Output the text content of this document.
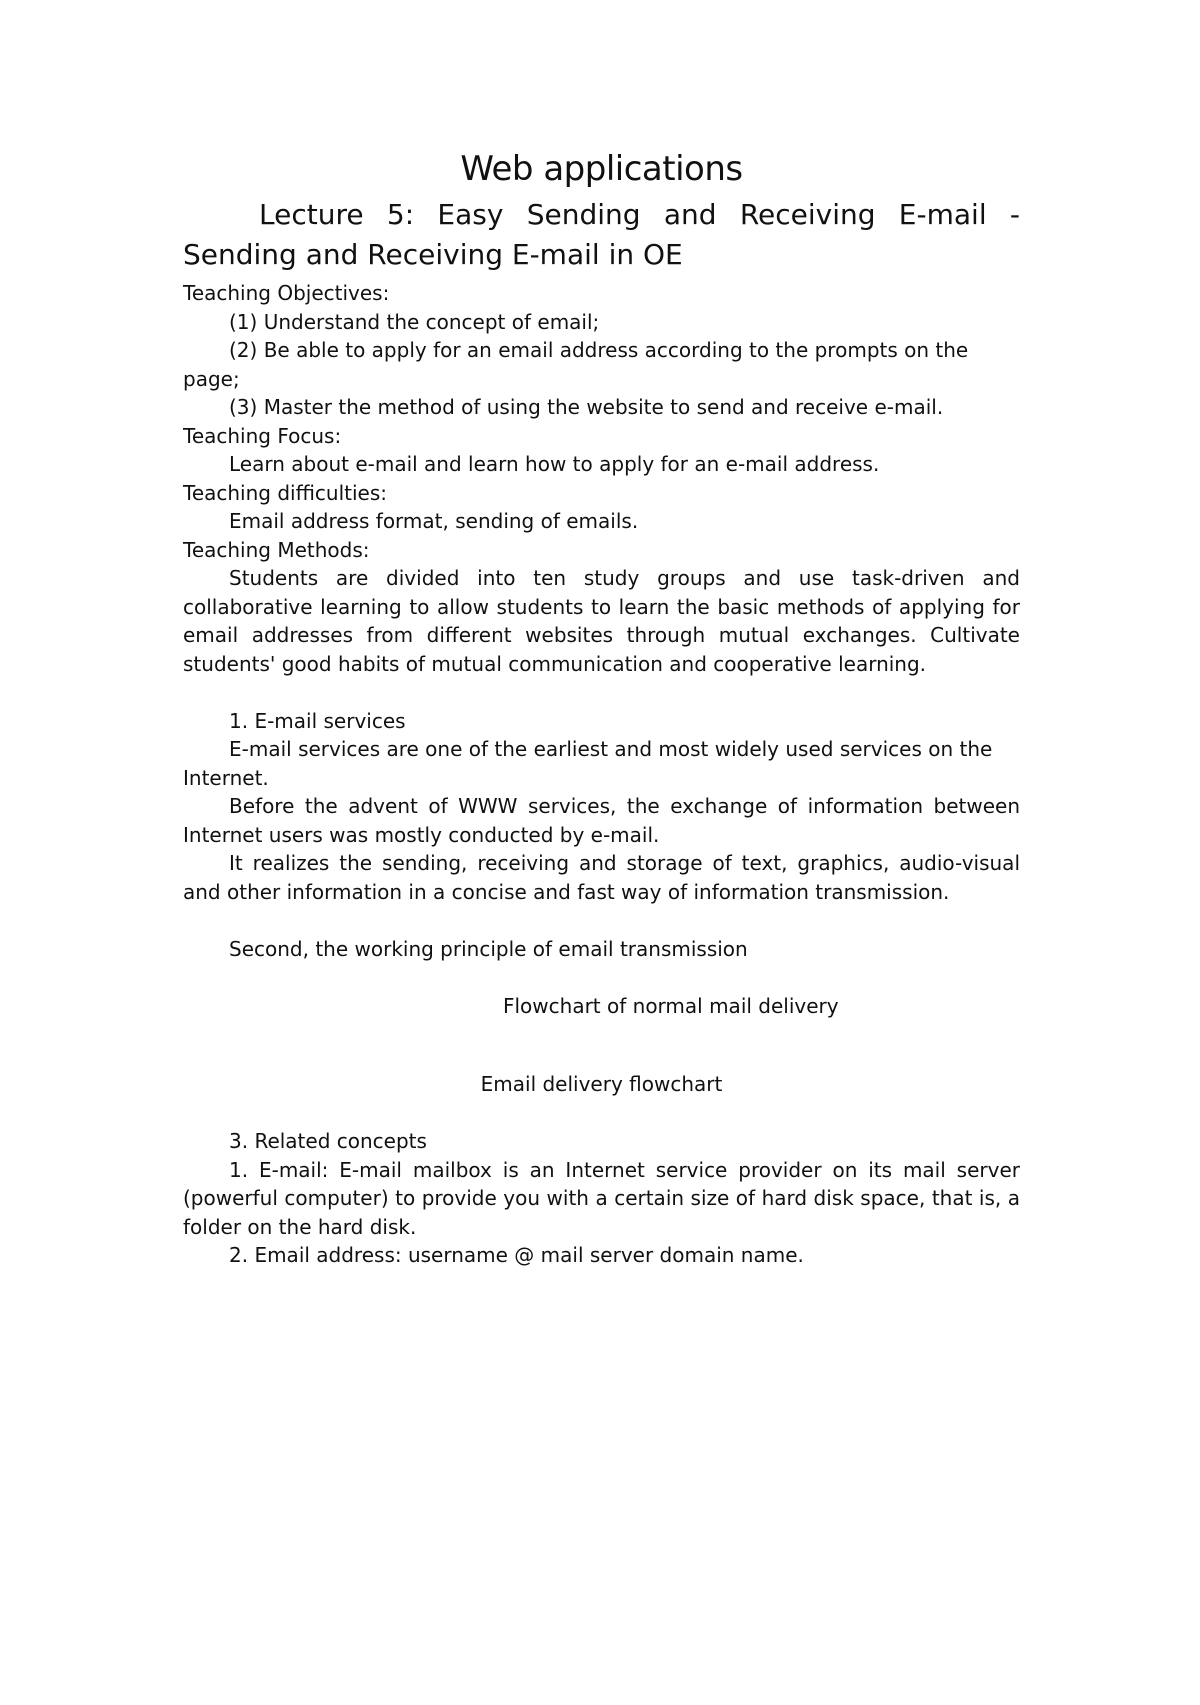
Web applications
Lecture 5: Easy Sending and Receiving E-mail -
Sending and Receiving E-mail in OE

Teaching Objectives:

(1) Understand the concept of email;

(2) Be able to apply for an email address according to the prompts on the page;

(3) Master the method of using the website to send and receive e-mail.

Teaching Focus:

Learn about e-mail and learn how to apply for an e-mail address.

Teaching difficulties:

Email address format, sending of emails.

Teaching Methods:

Students are divided into ten study groups and use task-driven and collaborative learning to allow students to learn the basic methods of applying for email addresses from different websites through mutual exchanges. Cultivate students' good habits of mutual communication and cooperative learning.

1. E-mail services

E-mail services are one of the earliest and most widely used services on the Internet.

Before the advent of WWW services, the exchange of information between Internet users was mostly conducted by e-mail.

It realizes the sending, receiving and storage of text, graphics, audio-visual and other information in a concise and fast way of information transmission.

Second, the working principle of email transmission

Flowchart of normal mail delivery

Email delivery flowchart

3. Related concepts

1. E-mail: E-mail mailbox is an Internet service provider on its mail server (powerful computer) to provide you with a certain size of hard disk space, that is, a folder on the hard disk.

2. Email address: username @ mail server domain name.
